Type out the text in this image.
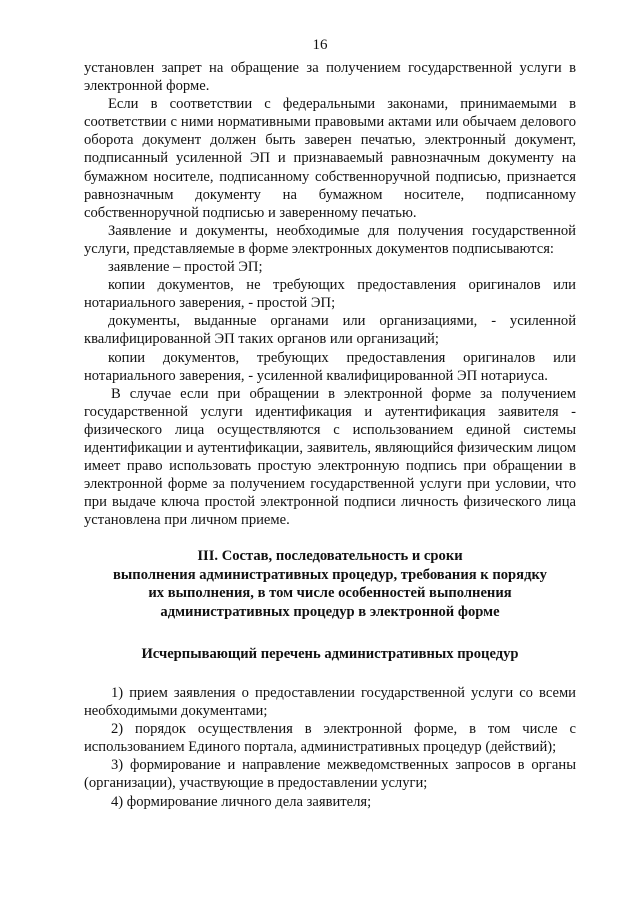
16

установлен запрет на обращение за получением государственной услуги в электронной форме.

Если в соответствии с федеральными законами, принимаемыми в соответствии с ними нормативными правовыми актами или обычаем делового оборота документ должен быть заверен печатью, электронный документ, подписанный усиленной ЭП и признаваемый равнозначным документу на бумажном носителе, подписанному собственноручной подписью, признается равнозначным документу на бумажном носителе, подписанному собственноручной подписью и заверенному печатью.

Заявление и документы, необходимые для получения государственной услуги, представляемые в форме электронных документов подписываются:

заявление – простой ЭП;

копии документов, не требующих предоставления оригиналов или нотариального заверения, - простой ЭП;

документы, выданные органами или организациями, - усиленной квалифицированной ЭП таких органов или организаций;

копии документов, требующих предоставления оригиналов или нотариального заверения, - усиленной квалифицированной ЭП нотариуса.

В случае если при обращении в электронной форме за получением государственной услуги идентификация и аутентификация заявителя - физического лица осуществляются с использованием единой системы идентификации и аутентификации, заявитель, являющийся физическим лицом имеет право использовать простую электронную подпись при обращении в электронной форме за получением государственной услуги при условии, что при выдаче ключа простой электронной подписи личность физического лица установлена при личном приеме.

III. Состав, последовательность и сроки
выполнения административных процедур, требования к порядку
их выполнения, в том числе особенностей выполнения
административных процедур в электронной форме

Исчерпывающий перечень административных процедур

1) прием заявления о предоставлении государственной услуги со всеми необходимыми документами;

2) порядок осуществления в электронной форме, в том числе с использованием Единого портала, административных процедур (действий);

3) формирование и направление межведомственных запросов в органы (организации), участвующие в предоставлении услуги;

4) формирование личного дела заявителя;
